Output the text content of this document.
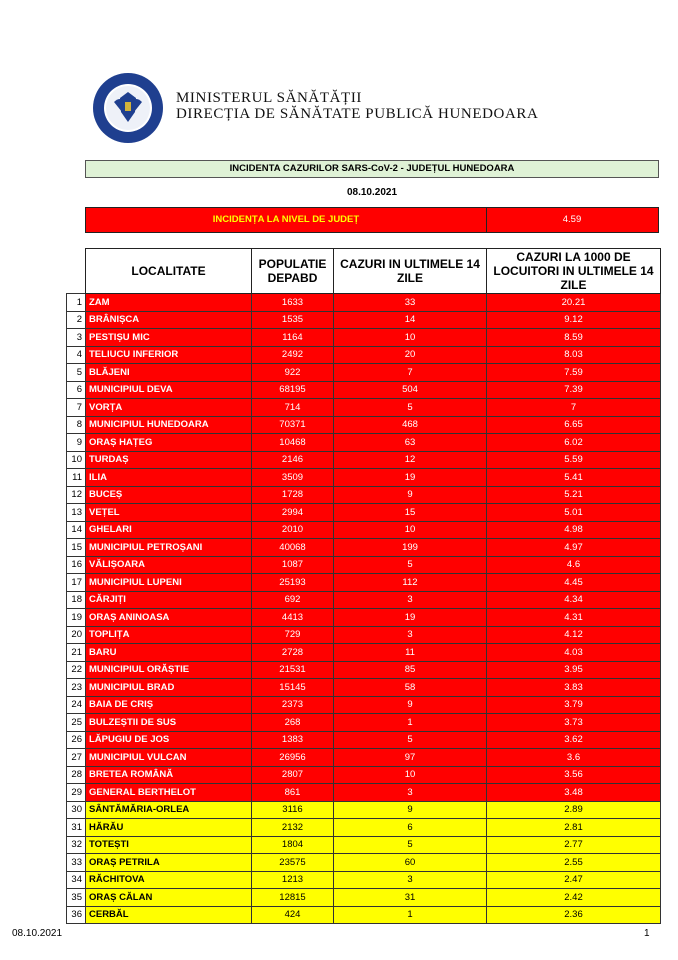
MINISTERUL SĂNĂTĂȚII
DIRECȚIA DE SĂNĂTATE PUBLICĂ HUNEDOARA
INCIDENTA CAZURILOR SARS-CoV-2 - JUDEȚUL HUNEDOARA
08.10.2021
INCIDENȚA LA NIVEL DE JUDEȚ	4.59
	LOCALITATE	POPULATIE DEPABD	CAZURI IN ULTIMELE 14 ZILE	CAZURI LA 1000 DE LOCUITORI IN ULTIMELE 14 ZILE
1	ZAM	1633	33	20.21
2	BRÂNIȘCA	1535	14	9.12
3	PESTIȘU MIC	1164	10	8.59
4	TELIUCU INFERIOR	2492	20	8.03
5	BLĂJENI	922	7	7.59
6	MUNICIPIUL DEVA	68195	504	7.39
7	VORȚA	714	5	7
8	MUNICIPIUL HUNEDOARA	70371	468	6.65
9	ORAȘ HAȚEG	10468	63	6.02
10	TURDAȘ	2146	12	5.59
11	ILIA	3509	19	5.41
12	BUCEȘ	1728	9	5.21
13	VEȚEL	2994	15	5.01
14	GHELARI	2010	10	4.98
15	MUNICIPIUL PETROȘANI	40068	199	4.97
16	VĂLIȘOARA	1087	5	4.6
17	MUNICIPIUL LUPENI	25193	112	4.45
18	CĂRJIȚI	692	3	4.34
19	ORAȘ ANINOASA	4413	19	4.31
20	TOPLIȚA	729	3	4.12
21	BARU	2728	11	4.03
22	MUNICIPIUL ORĂȘTIE	21531	85	3.95
23	MUNICIPIUL BRAD	15145	58	3.83
24	BAIA DE CRIȘ	2373	9	3.79
25	BULZEȘTII DE SUS	268	1	3.73
26	LĂPUGIU DE JOS	1383	5	3.62
27	MUNICIPIUL VULCAN	26956	97	3.6
28	BRETEA ROMÂNĂ	2807	10	3.56
29	GENERAL BERTHELOT	861	3	3.48
30	SÂNTĂMĂRIA-ORLEA	3116	9	2.89
31	HĂRĂU	2132	6	2.81
32	TOTEȘTI	1804	5	2.77
33	ORAȘ PETRILA	23575	60	2.55
34	RĂCHITOVA	1213	3	2.47
35	ORAȘ CĂLAN	12815	31	2.42
36	CERBĂL	424	1	2.36
08.10.2021	1
